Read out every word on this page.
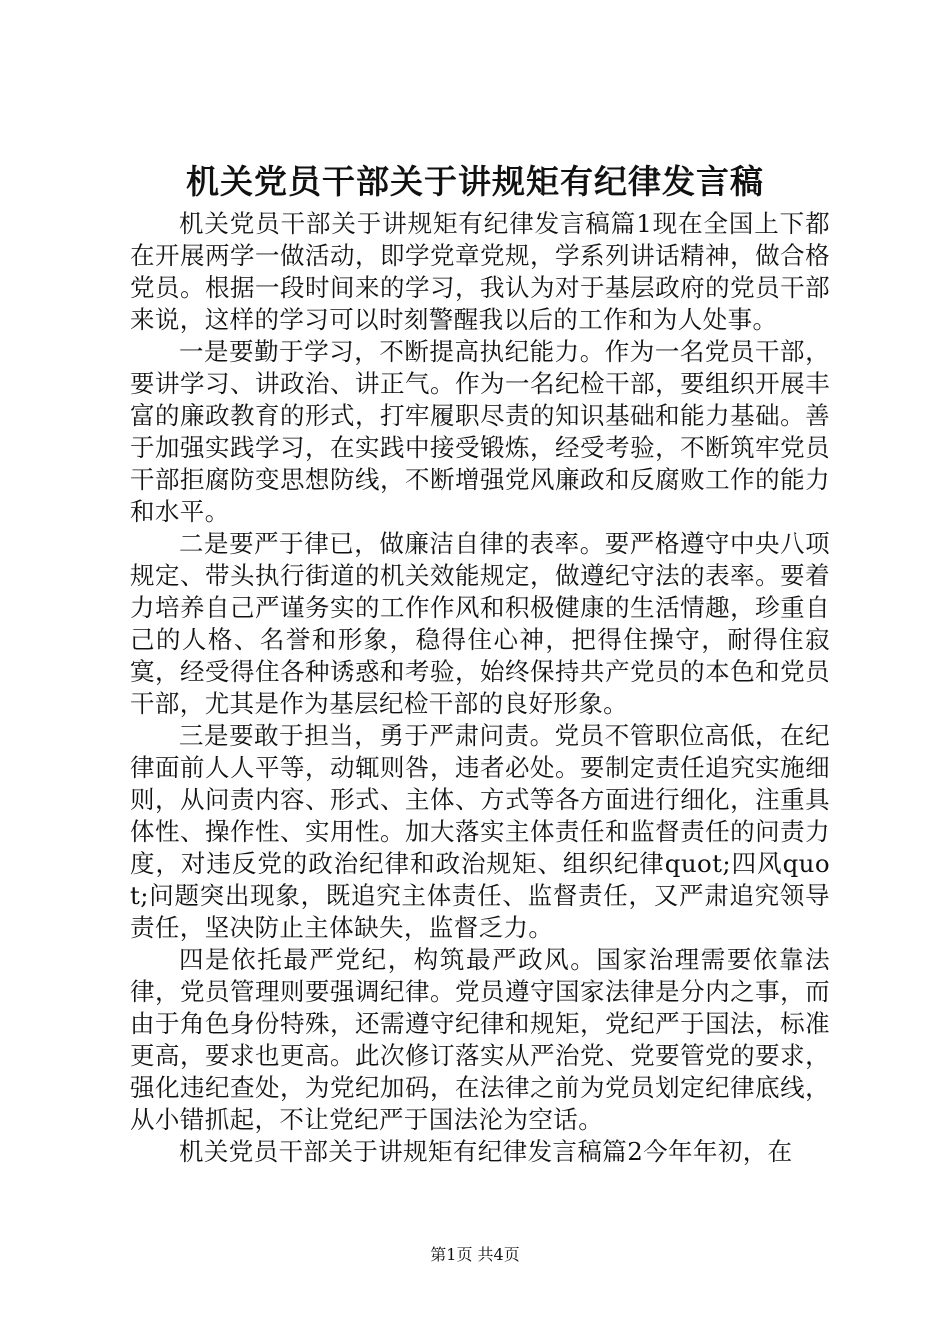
机关党员干部关于讲规矩有纪律发言稿

机关党员干部关于讲规矩有纪律发言稿篇1现在全国上下都在开展两学一做活动，即学党章党规，学系列讲话精神，做合格党员。根据一段时间来的学习，我认为对于基层政府的党员干部来说，这样的学习可以时刻警醒我以后的工作和为人处事。

一是要勤于学习，不断提高执纪能力。作为一名党员干部，要讲学习、讲政治、讲正气。作为一名纪检干部，要组织开展丰富的廉政教育的形式，打牢履职尽责的知识基础和能力基础。善于加强实践学习，在实践中接受锻炼，经受考验，不断筑牢党员干部拒腐防变思想防线，不断增强党风廉政和反腐败工作的能力和水平。

二是要严于律已，做廉洁自律的表率。要严格遵守中央八项规定、带头执行街道的机关效能规定，做遵纪守法的表率。要着力培养自己严谨务实的工作作风和积极健康的生活情趣，珍重自己的人格、名誉和形象，稳得住心神，把得住操守，耐得住寂寞，经受得住各种诱惑和考验，始终保持共产党员的本色和党员干部，尤其是作为基层纪检干部的良好形象。

三是要敢于担当，勇于严肃问责。党员不管职位高低，在纪律面前人人平等，动辄则咎，违者必处。要制定责任追究实施细则，从问责内容、形式、主体、方式等各方面进行细化，注重具体性、操作性、实用性。加大落实主体责任和监督责任的问责力度，对违反党的政治纪律和政治规矩、组织纪律quot;四风quot;问题突出现象，既追究主体责任、监督责任，又严肃追究领导责任，坚决防止主体缺失，监督乏力。

四是依托最严党纪，构筑最严政风。国家治理需要依靠法律，党员管理则要强调纪律。党员遵守国家法律是分内之事，而由于角色身份特殊，还需遵守纪律和规矩，党纪严于国法，标准更高，要求也更高。此次修订落实从严治党、党要管党的要求，强化违纪查处，为党纪加码，在法律之前为党员划定纪律底线，从小错抓起，不让党纪严于国法沦为空话。

机关党员干部关于讲规矩有纪律发言稿篇2今年年初，在

第1页 共4页
